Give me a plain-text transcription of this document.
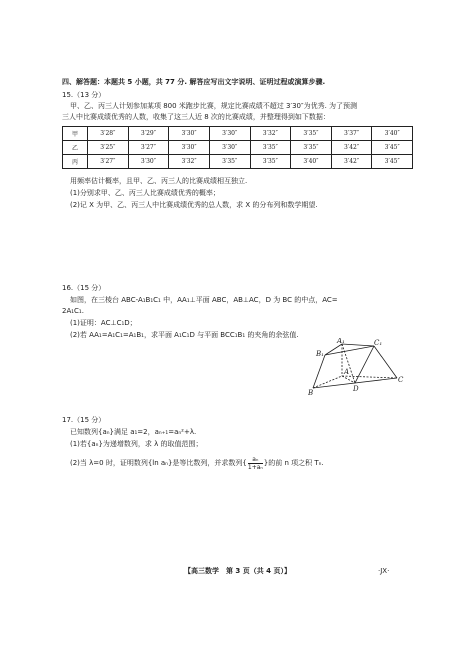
四、解答题：本题共 5 小题，共 77 分. 解答应写出文字说明、证明过程或演算步骤.
15.（13 分）
甲、乙、丙三人计划参加某项 800 米跑步比赛，规定比赛成绩不超过 3′30″为优秀. 为了预测
三人中比赛成绩优秀的人数，收集了这三人近 8 次的比赛成绩，并整理得到如下数据：
甲	3′28″	3′29″	3′30″	3′30″	3′32″	3′35″	3′37″	3′40″
乙	3′25″	3′27″	3′30″	3′30″	3′35″	3′35″	3′42″	3′45″
丙	3′27″	3′30″	3′32″	3′35″	3′35″	3′40″	3′42″	3′45″
用频率估计概率，且甲、乙、丙三人的比赛成绩相互独立.
(1)分别求甲、乙、丙三人比赛成绩优秀的概率；
(2)记 X 为甲、乙、丙三人中比赛成绩优秀的总人数，求 X 的分布列和数学期望.
16.（15 分）
如图，在三棱台 ABC-A₁B₁C₁ 中，AA₁⊥平面 ABC，AB⊥AC，D 为 BC 的中点，AC=
2A₁C₁.
(1)证明：AC⊥C₁D；
(2)若 AA₁=A₁C₁=A₁B₁，求平面 A₁C₁D 与平面 BCC₁B₁ 的夹角的余弦值.
A₁
B₁
C₁
A
B
C
D
17.（15 分）
已知数列{aₙ}满足 a₁=2，aₙ₊₁=aₙ²+λ.
(1)若{aₙ}为递增数列，求 λ 的取值范围；
(2)当 λ=0 时，证明数列{ln aₙ}是等比数列，并求数列{ $\frac{\text{aₙ}}{\text{1+aₙ}}$ }的前 n 项之积 Tₙ.
【高三数学　第 3 页（共 4 页）】	·JX·
